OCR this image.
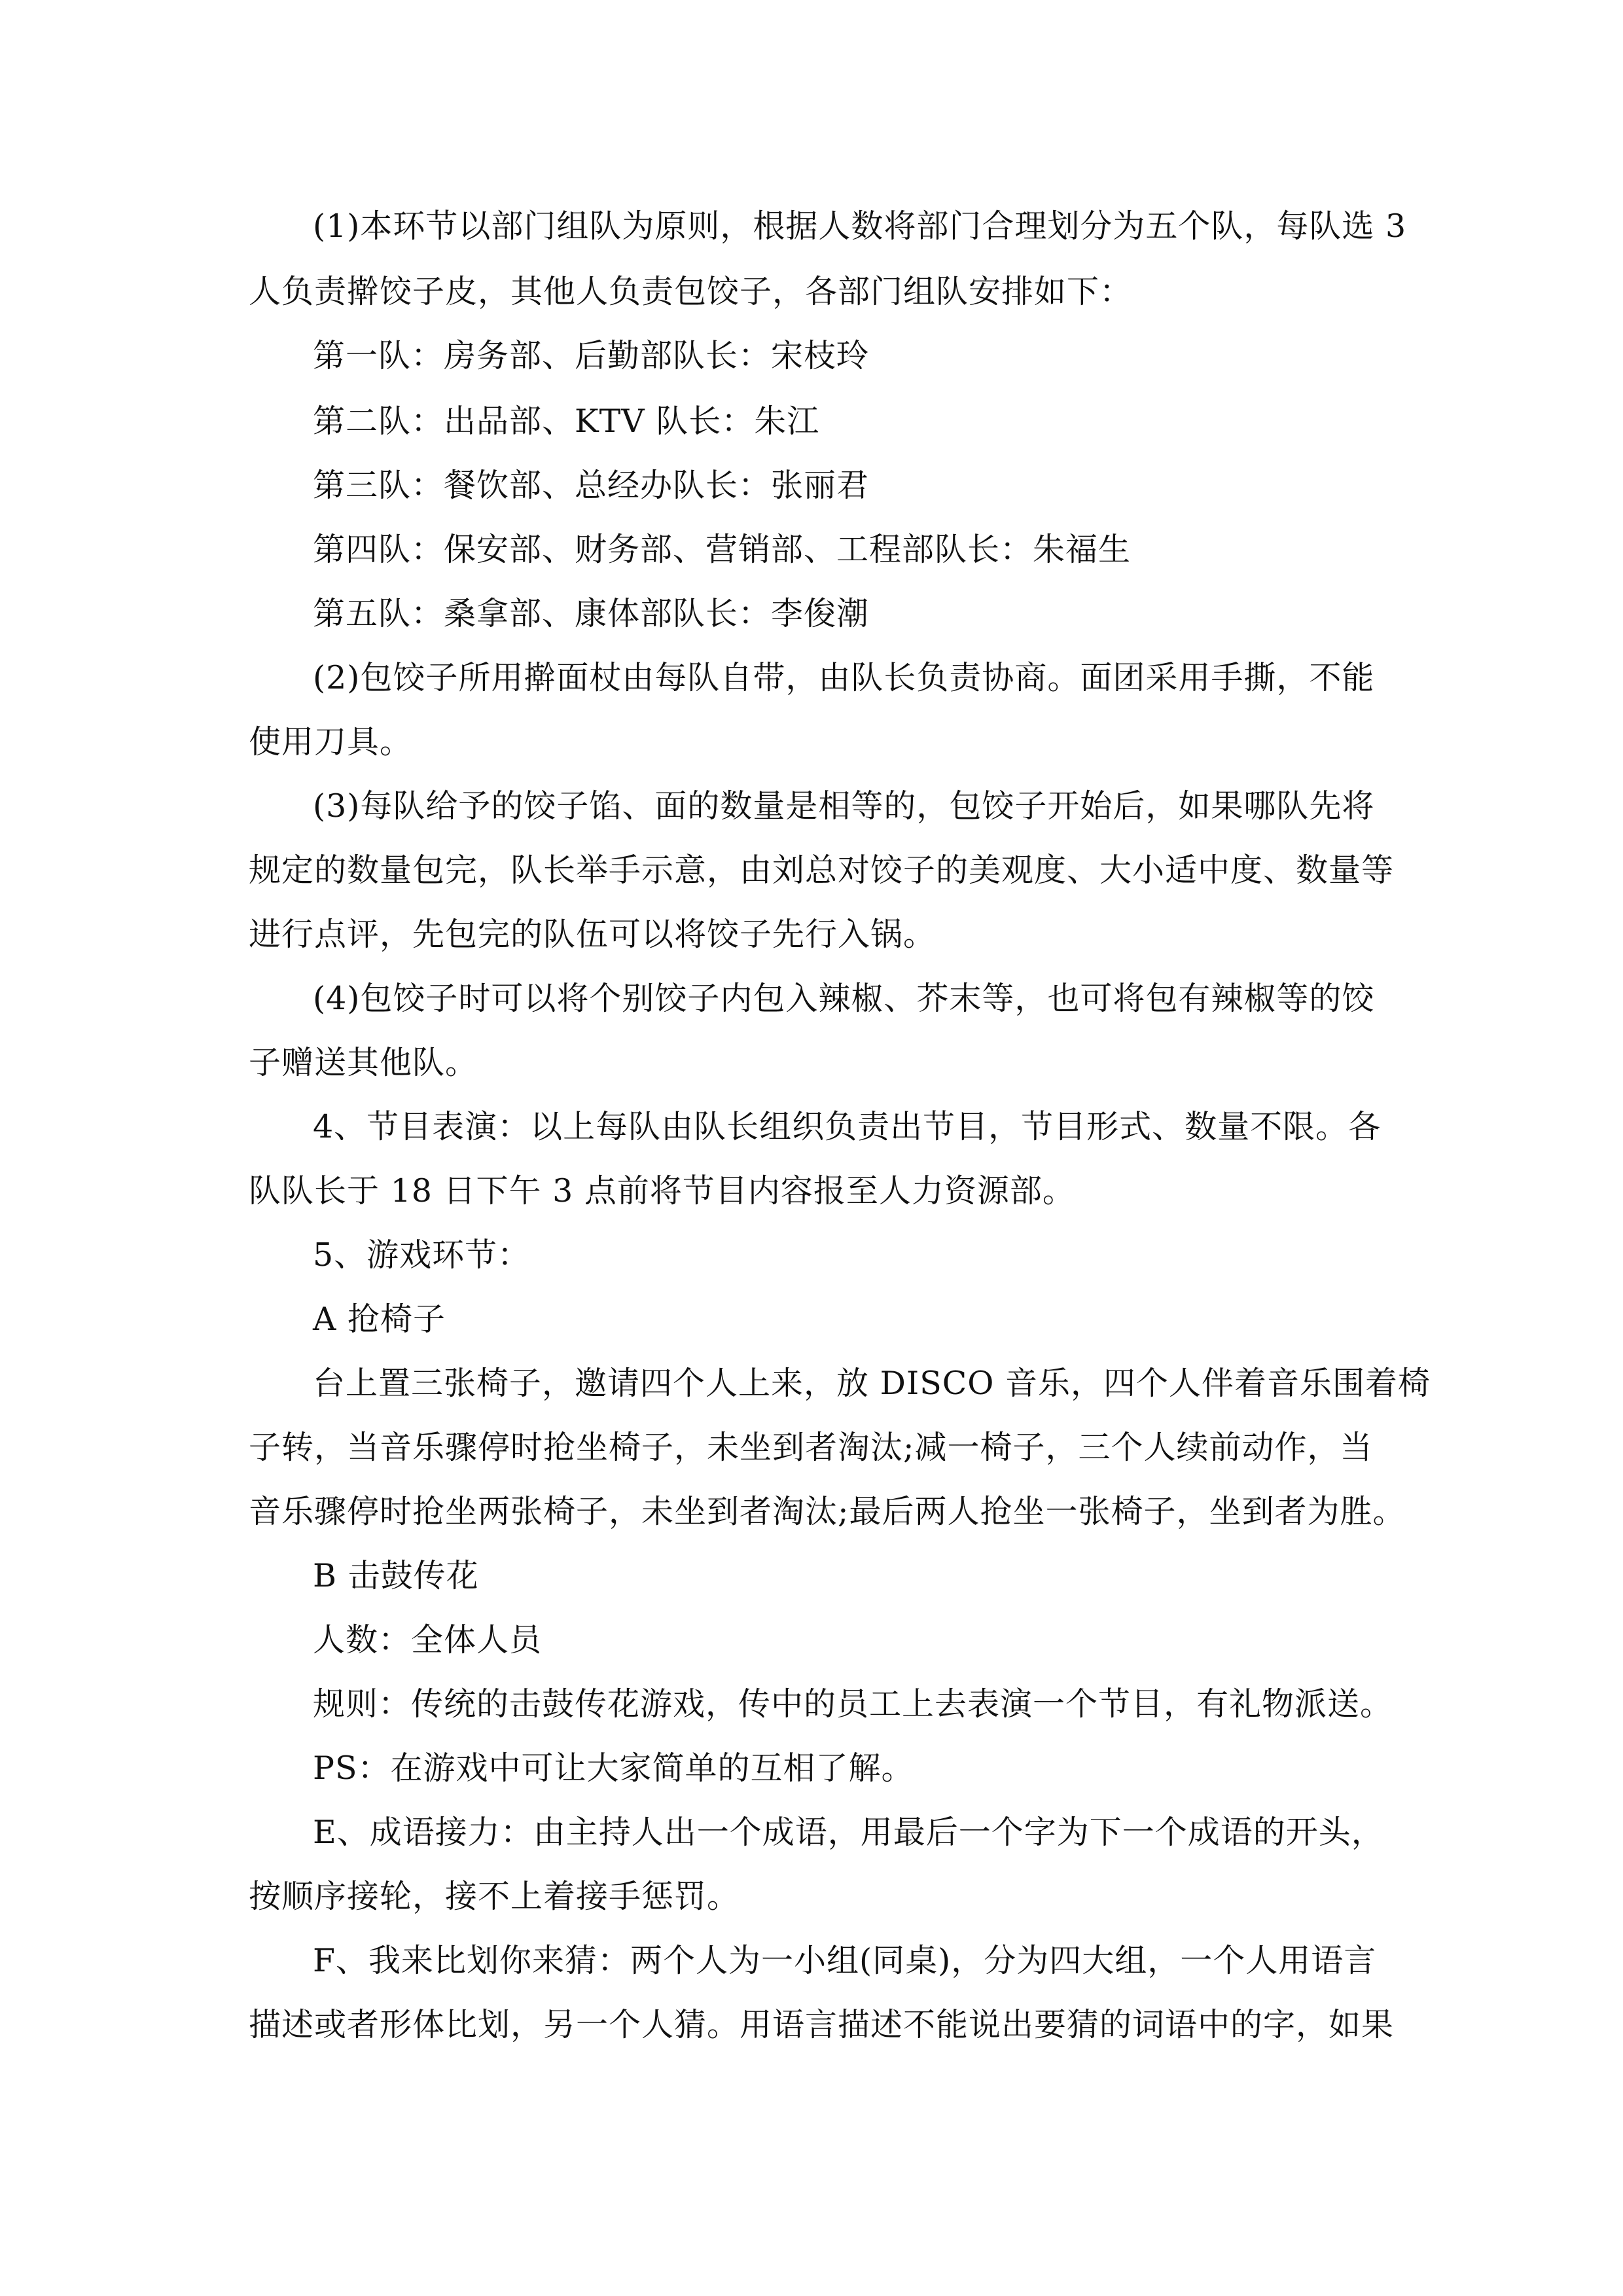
(1)本环节以部门组队为原则，根据人数将部门合理划分为五个队，每队选 3
人负责擀饺子皮，其他人负责包饺子，各部门组队安排如下：
第一队：房务部、后勤部队长：宋枝玲
第二队：出品部、KTV 队长：朱江
第三队：餐饮部、总经办队长：张丽君
第四队：保安部、财务部、营销部、工程部队长：朱福生
第五队：桑拿部、康体部队长：李俊潮
(2)包饺子所用擀面杖由每队自带，由队长负责协商。面团采用手撕，不能
使用刀具。
(3)每队给予的饺子馅、面的数量是相等的，包饺子开始后，如果哪队先将
规定的数量包完，队长举手示意，由刘总对饺子的美观度、大小适中度、数量等
进行点评，先包完的队伍可以将饺子先行入锅。
(4)包饺子时可以将个别饺子内包入辣椒、芥末等，也可将包有辣椒等的饺
子赠送其他队。
4、节目表演：以上每队由队长组织负责出节目，节目形式、数量不限。各
队队长于 18 日下午 3 点前将节目内容报至人力资源部。
5、游戏环节：
A 抢椅子
台上置三张椅子，邀请四个人上来，放 DISCO 音乐，四个人伴着音乐围着椅
子转，当音乐骤停时抢坐椅子，未坐到者淘汰;减一椅子，三个人续前动作，当
音乐骤停时抢坐两张椅子，未坐到者淘汰;最后两人抢坐一张椅子，坐到者为胜。
B 击鼓传花
人数：全体人员
规则：传统的击鼓传花游戏，传中的员工上去表演一个节目，有礼物派送。
PS：在游戏中可让大家简单的互相了解。
E、成语接力：由主持人出一个成语，用最后一个字为下一个成语的开头，
按顺序接轮，接不上着接手惩罚。
F、我来比划你来猜：两个人为一小组(同桌)，分为四大组，一个人用语言
描述或者形体比划，另一个人猜。用语言描述不能说出要猜的词语中的字，如果
